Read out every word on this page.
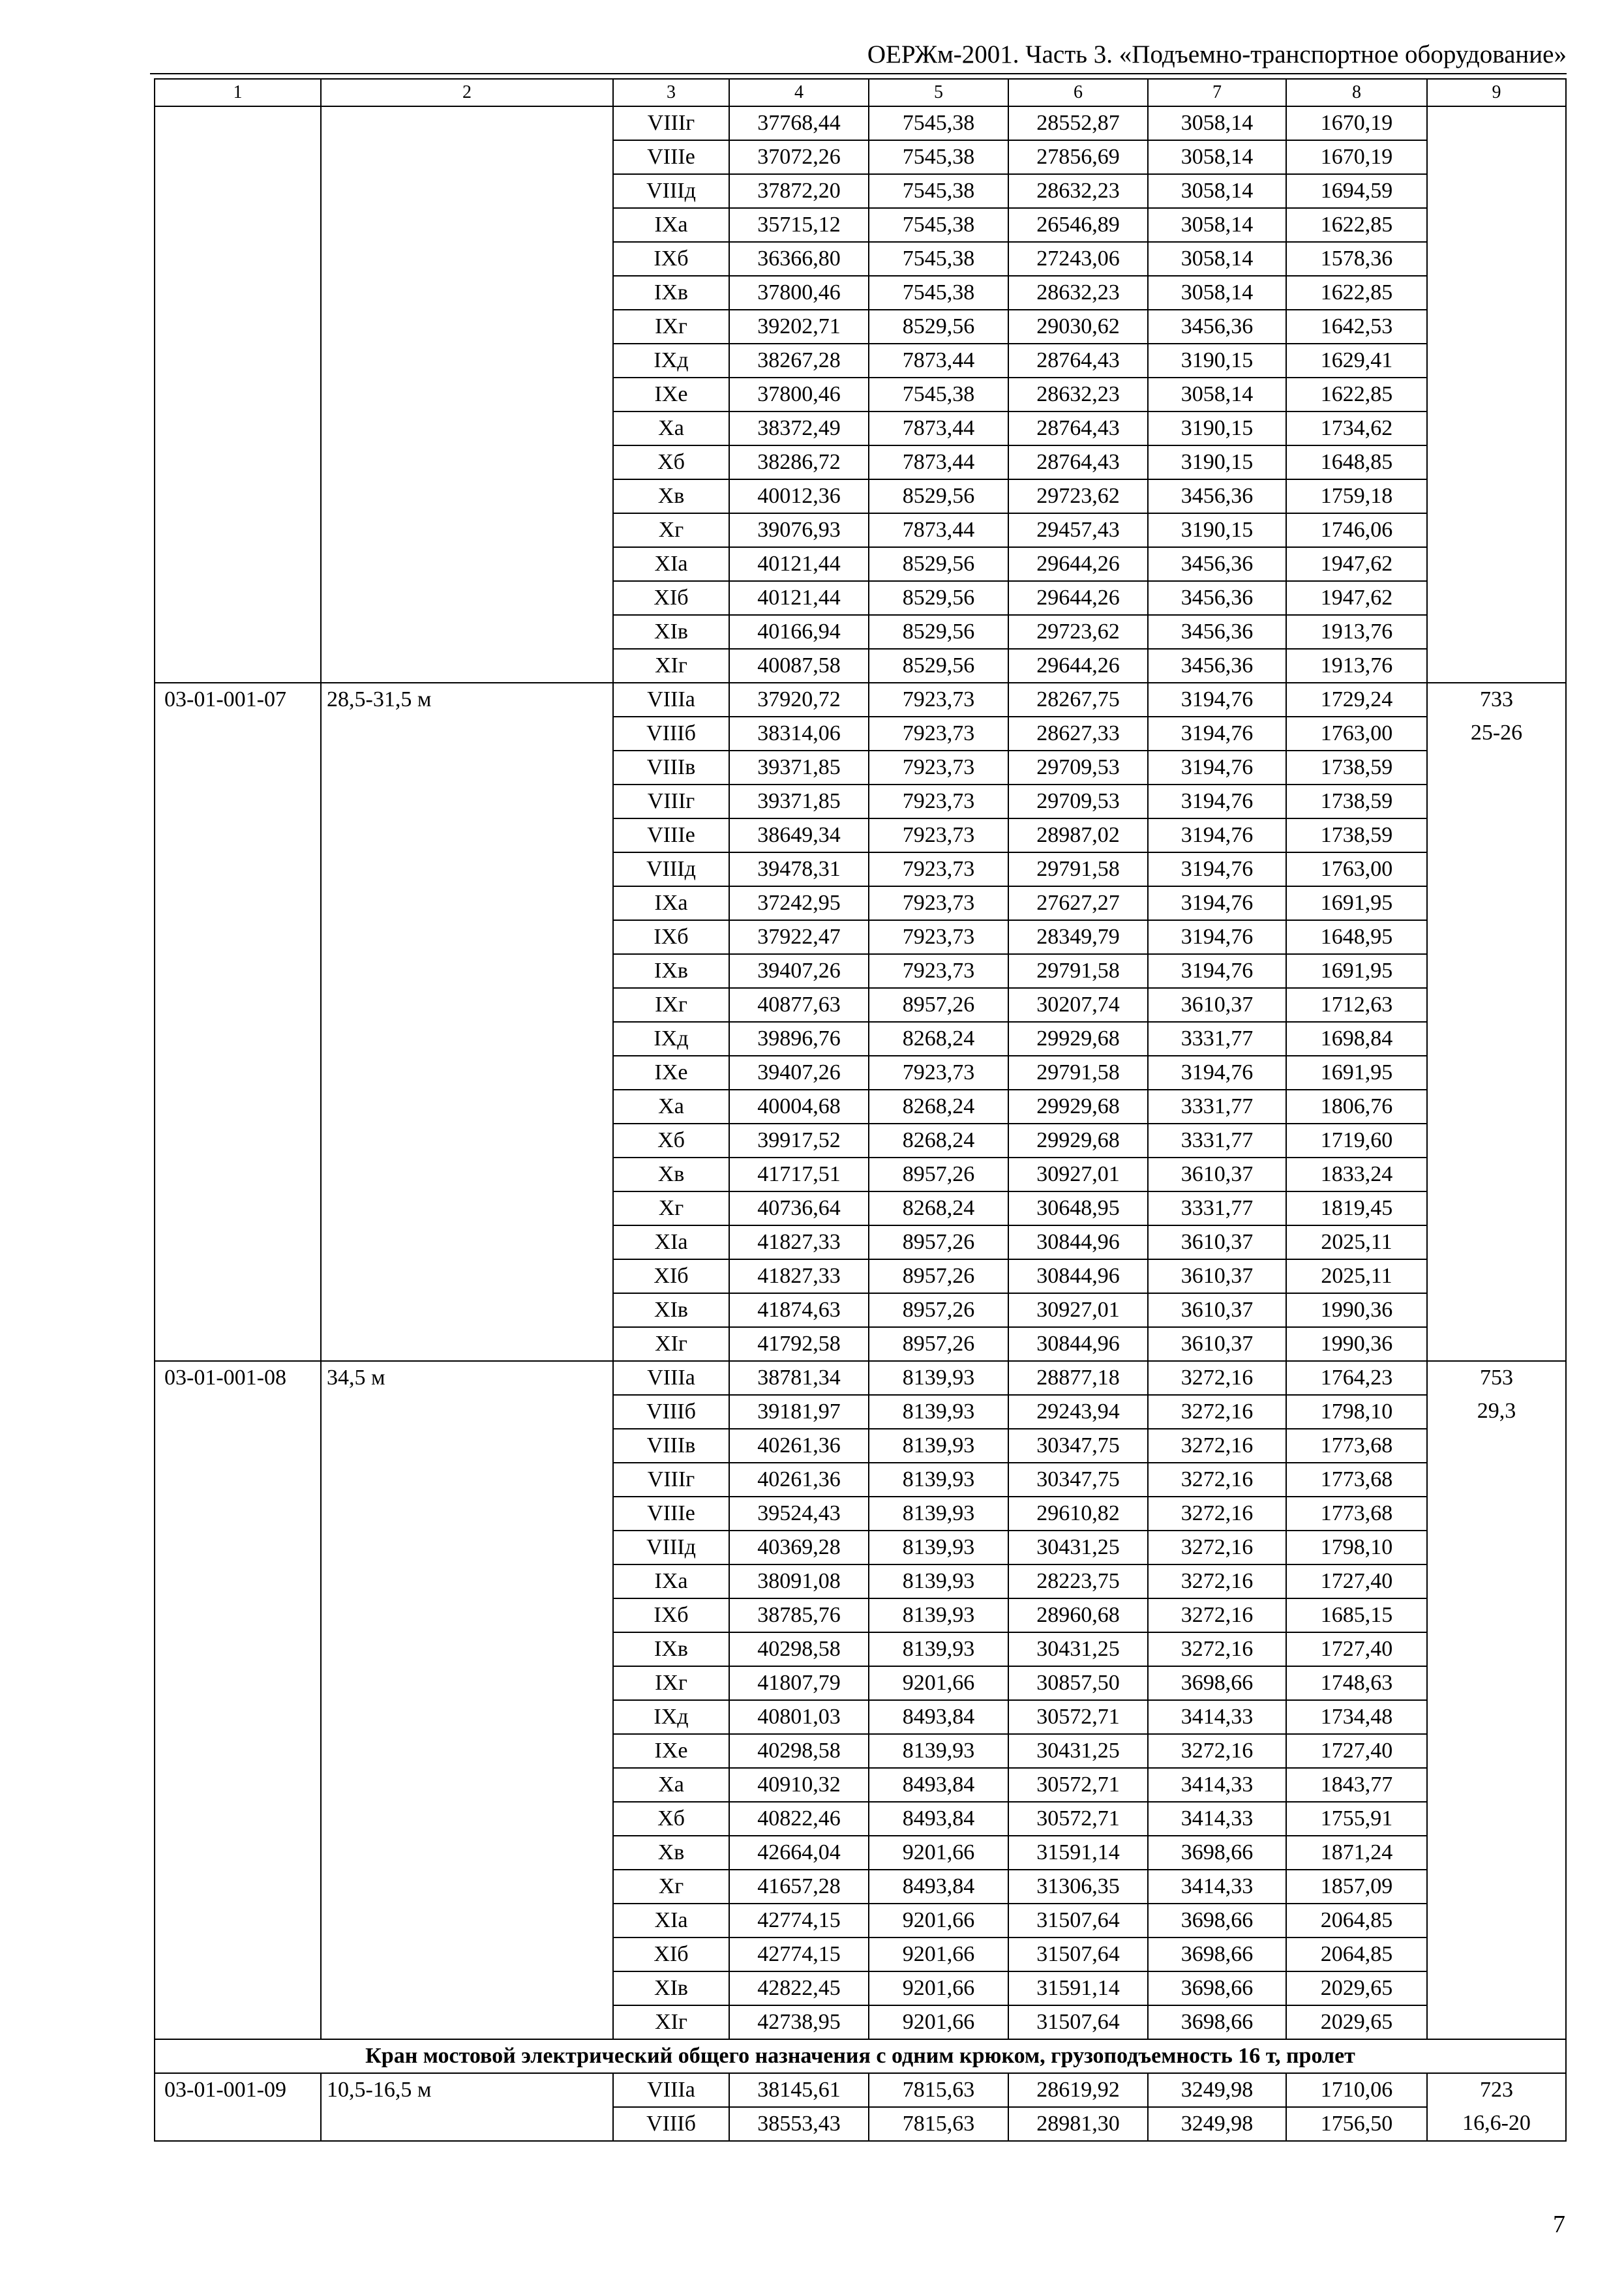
ОЕРЖм-2001. Часть 3. «Подъемно-транспортное оборудование»
1	2	3	4	5	6	7	8	9
		VIIIг	37768,44	7545,38	28552,87	3058,14	1670,19	
		VIIIе	37072,26	7545,38	27856,69	3058,14	1670,19	
		VIIIд	37872,20	7545,38	28632,23	3058,14	1694,59	
		IXа	35715,12	7545,38	26546,89	3058,14	1622,85	
		IXб	36366,80	7545,38	27243,06	3058,14	1578,36	
		IXв	37800,46	7545,38	28632,23	3058,14	1622,85	
		IXг	39202,71	8529,56	29030,62	3456,36	1642,53	
		IXд	38267,28	7873,44	28764,43	3190,15	1629,41	
		IXе	37800,46	7545,38	28632,23	3058,14	1622,85	
		Xа	38372,49	7873,44	28764,43	3190,15	1734,62	
		Xб	38286,72	7873,44	28764,43	3190,15	1648,85	
		Xв	40012,36	8529,56	29723,62	3456,36	1759,18	
		Xг	39076,93	7873,44	29457,43	3190,15	1746,06	
		XIа	40121,44	8529,56	29644,26	3456,36	1947,62	
		XIб	40121,44	8529,56	29644,26	3456,36	1947,62	
		XIв	40166,94	8529,56	29723,62	3456,36	1913,76	
		XIг	40087,58	8529,56	29644,26	3456,36	1913,76	
03-01-001-07	28,5-31,5 м	VIIIа	37920,72	7923,73	28267,75	3194,76	1729,24	733
		VIIIб	38314,06	7923,73	28627,33	3194,76	1763,00	25-26
		VIIIв	39371,85	7923,73	29709,53	3194,76	1738,59	
		VIIIг	39371,85	7923,73	29709,53	3194,76	1738,59	
		VIIIе	38649,34	7923,73	28987,02	3194,76	1738,59	
		VIIIд	39478,31	7923,73	29791,58	3194,76	1763,00	
		IXа	37242,95	7923,73	27627,27	3194,76	1691,95	
		IXб	37922,47	7923,73	28349,79	3194,76	1648,95	
		IXв	39407,26	7923,73	29791,58	3194,76	1691,95	
		IXг	40877,63	8957,26	30207,74	3610,37	1712,63	
		IXд	39896,76	8268,24	29929,68	3331,77	1698,84	
		IXе	39407,26	7923,73	29791,58	3194,76	1691,95	
		Xа	40004,68	8268,24	29929,68	3331,77	1806,76	
		Xб	39917,52	8268,24	29929,68	3331,77	1719,60	
		Xв	41717,51	8957,26	30927,01	3610,37	1833,24	
		Xг	40736,64	8268,24	30648,95	3331,77	1819,45	
		XIа	41827,33	8957,26	30844,96	3610,37	2025,11	
		XIб	41827,33	8957,26	30844,96	3610,37	2025,11	
		XIв	41874,63	8957,26	30927,01	3610,37	1990,36	
		XIг	41792,58	8957,26	30844,96	3610,37	1990,36	
03-01-001-08	34,5 м	VIIIа	38781,34	8139,93	28877,18	3272,16	1764,23	753
		VIIIб	39181,97	8139,93	29243,94	3272,16	1798,10	29,3
		VIIIв	40261,36	8139,93	30347,75	3272,16	1773,68	
		VIIIг	40261,36	8139,93	30347,75	3272,16	1773,68	
		VIIIе	39524,43	8139,93	29610,82	3272,16	1773,68	
		VIIIд	40369,28	8139,93	30431,25	3272,16	1798,10	
		IXа	38091,08	8139,93	28223,75	3272,16	1727,40	
		IXб	38785,76	8139,93	28960,68	3272,16	1685,15	
		IXв	40298,58	8139,93	30431,25	3272,16	1727,40	
		IXг	41807,79	9201,66	30857,50	3698,66	1748,63	
		IXд	40801,03	8493,84	30572,71	3414,33	1734,48	
		IXе	40298,58	8139,93	30431,25	3272,16	1727,40	
		Xа	40910,32	8493,84	30572,71	3414,33	1843,77	
		Xб	40822,46	8493,84	30572,71	3414,33	1755,91	
		Xв	42664,04	9201,66	31591,14	3698,66	1871,24	
		Xг	41657,28	8493,84	31306,35	3414,33	1857,09	
		XIа	42774,15	9201,66	31507,64	3698,66	2064,85	
		XIб	42774,15	9201,66	31507,64	3698,66	2064,85	
		XIв	42822,45	9201,66	31591,14	3698,66	2029,65	
		XIг	42738,95	9201,66	31507,64	3698,66	2029,65	
Кран мостовой электрический общего назначения с одним крюком, грузоподъемность 16 т, пролет								
03-01-001-09	10,5-16,5 м	VIIIа	38145,61	7815,63	28619,92	3249,98	1710,06	723
		VIIIб	38553,43	7815,63	28981,30	3249,98	1756,50	16,6-20
7
